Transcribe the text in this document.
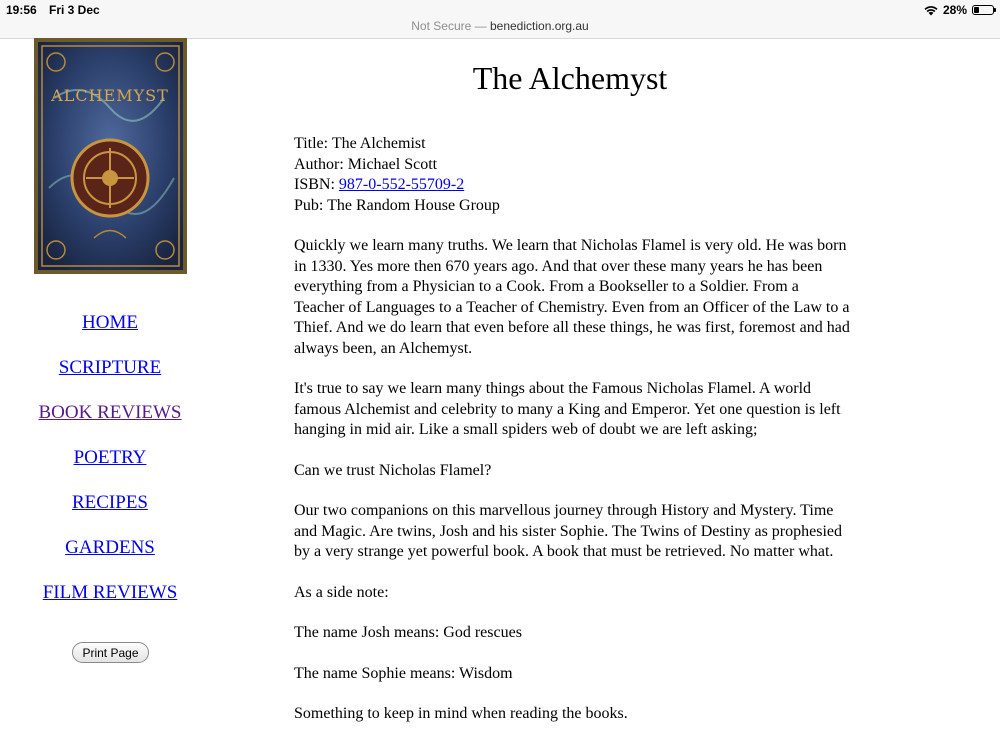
19:56 Fri 3 Dec	28%
Not Secure — benediction.org.au
ALCHEMYST
HOME
SCRIPTURE
BOOK REVIEWS
POETRY
RECIPES
GARDENS
FILM REVIEWS
Print Page
The Alchemyst

Title: The Alchemist
Author: Michael Scott
ISBN: 987-0-552-55709-2
Pub: The Random House Group

Quickly we learn many truths. We learn that Nicholas Flamel is very old. He was born in 1330. Yes more then 670 years ago. And that over these many years he has been everything from a Physician to a Cook. From a Bookseller to a Soldier. From a Teacher of Languages to a Teacher of Chemistry. Even from an Officer of the Law to a Thief. And we do learn that even before all these things, he was first, foremost and had always been, an Alchemyst.

It's true to say we learn many things about the Famous Nicholas Flamel. A world famous Alchemist and celebrity to many a King and Emperor. Yet one question is left hanging in mid air. Like a small spiders web of doubt we are left asking;

Can we trust Nicholas Flamel?

Our two companions on this marvellous journey through History and Mystery. Time and Magic. Are twins, Josh and his sister Sophie. The Twins of Destiny as prophesied by a very strange yet powerful book. A book that must be retrieved. No matter what.

As a side note:

The name Josh means: God rescues

The name Sophie means: Wisdom

Something to keep in mind when reading the books.
